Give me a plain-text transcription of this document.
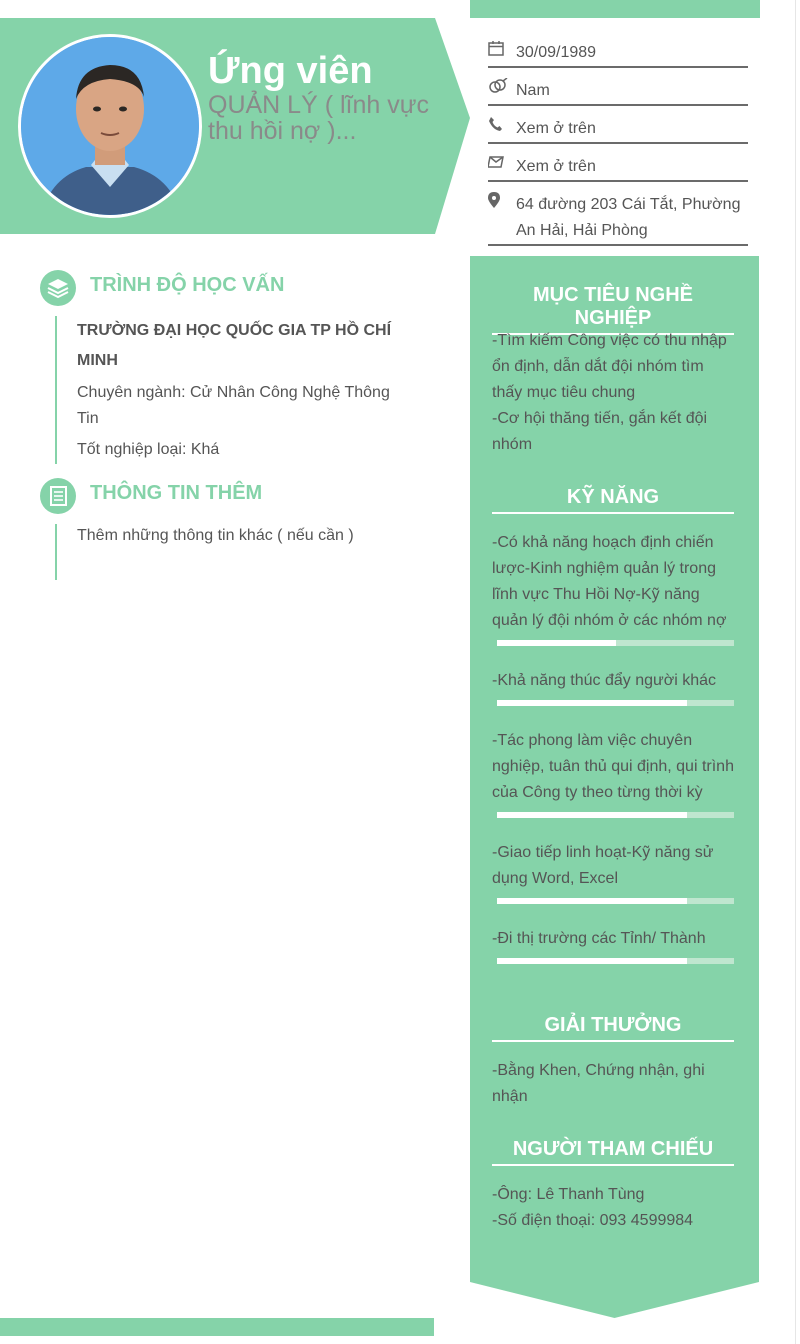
Ứng viên
QUẢN LÝ ( lĩnh vực thu hồi nợ )...
30/09/1989
Nam
Xem ở trên
Xem ở trên
64 đường 203 Cái Tắt, Phường An Hải, Hải Phòng
MỤC TIÊU NGHỀ NGHIỆP
-Tìm kiếm Công việc có thu nhập ổn định, dẫn dắt đội nhóm tìm thấy mục tiêu chung
-Cơ hội thăng tiến, gắn kết đội nhóm
KỸ NĂNG
-Có khả năng hoạch định chiến lược-Kinh nghiệm quản lý trong lĩnh vực Thu Hồi Nợ-Kỹ năng quản lý đội nhóm ở các nhóm nợ
-Khả năng thúc đẩy người khác
-Tác phong làm việc chuyên nghiệp, tuân thủ qui định, qui trình của Công ty theo từng thời kỳ
-Giao tiếp linh hoạt-Kỹ năng sử dụng Word, Excel
-Đi thị trường các Tỉnh/ Thành
GIẢI THƯỞNG
-Bằng Khen, Chứng nhận, ghi nhận
NGƯỜI THAM CHIẾU
-Ông: Lê Thanh Tùng
-Số điện thoại: 093 4599984
TRÌNH ĐỘ HỌC VẤN
TRƯỜNG ĐẠI HỌC QUỐC GIA TP HỒ CHÍ MINH
Chuyên ngành: Cử Nhân Công Nghệ Thông Tin
Tốt nghiệp loại: Khá
THÔNG TIN THÊM
Thêm những thông tin khác ( nếu cần )
